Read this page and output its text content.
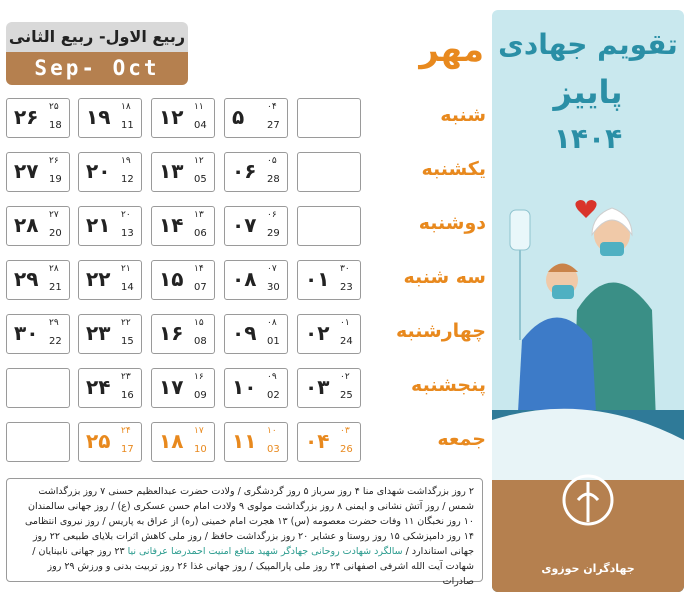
ربیع الاول- ربیع الثانی
Sep- Oct	مهر
شنبه
۵	۰۴
27
۱۲ ۱۱
04
۱۹ ۱۸
11
۲۶ ۲۵
18
یکشنبه
۰۶ ۰۵
28
۱۳ ۱۲
05
۲۰ ۱۹
12
۲۷ ۲۶
19
دوشنبه
۰۷ ۰۶
29
۱۴ ۱۳
06
۲۱ ۲۰
13
۲۸ ۲۷
20
سه شنبه
۰۱ ۳۰
23
۰۸ ۰۷
30
۱۵ ۱۴
07
۲۲ ۲۱
14
۲۹ ۲۸
21
چهارشنبه
۰۲ ۰۱
24
۰۹ ۰۸
01
۱۶ ۱۵
08
۲۳ ۲۲
15
۳۰ ۲۹
22
پنجشنبه
۰۳ ۰۲
25
۱۰ ۰۹
02
۱۷ ۱۶
09
۲۴ ۲۳
16
جمعه
۰۴ ۰۳
26
۱۱ ۱۰
03
۱۸ ۱۷
10
۲۵ ۲۴
17
۲ روز بزرگداشت شهدای منا ۴ روز سرباز ۵ روز گردشگری / ولادت حضرت عبدالعظیم حسنی ۷ روز بزرگداشت شمس / روز آتش نشانی و ایمنی ۸ روز بزرگداشت مولوی ۹ ولادت امام حسن عسکری (ع) / روز جهانی سالمندان ۱۰ روز نخبگان ۱۱ وفات حضرت معصومه (س) ۱۳ هجرت امام خمینی (ره) از عراق به پاریس / روز نیروی انتظامی ۱۴ روز دامپزشکی ۱۵ روز روستا و عشایر ۲۰ روز بزرگداشت حافظ / روز ملی کاهش اثرات بلایای طبیعی ۲۲ روز جهانی استاندارد / سالگرد شهادت روحانی جهادگر شهید منافع امنیت احمدرضا عرفانی نیا ۲۳ روز جهانی نابینایان / شهادت آیت الله اشرفی اصفهانی ۲۴ روز ملی پارالمپیک / روز جهانی غذا ۲۶ روز تربیت بدنی و ورزش ۲۹ روز صادرات
تقویم جهادی
پاییز
۱۴۰۴
جهادگران حوزوی
